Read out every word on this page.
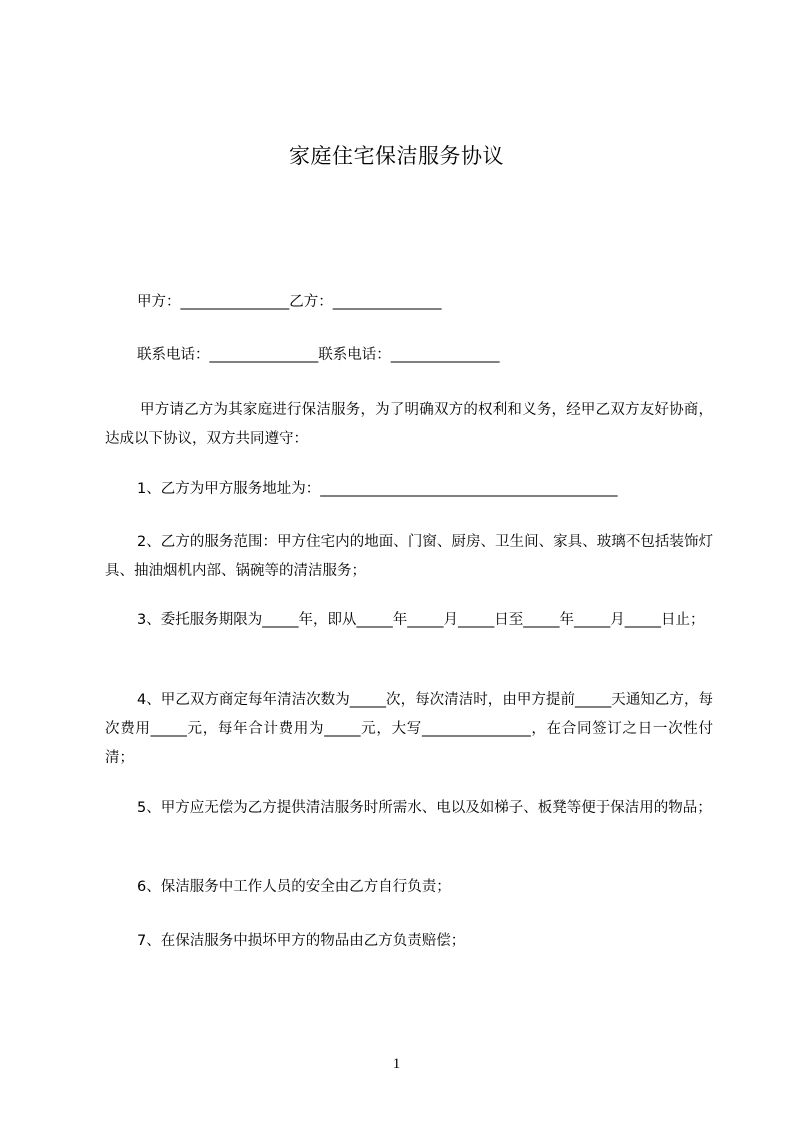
家庭住宅保洁服务协议
甲方：_______________乙方：_______________
联系电话：_______________联系电话：_______________
甲方请乙方为其家庭进行保洁服务，为了明确双方的权利和义务，经甲乙双方友好协商，达成以下协议，双方共同遵守：
1、乙方为甲方服务地址为：_________________________________________
2、乙方的服务范围：甲方住宅内的地面、门窗、厨房、卫生间、家具、玻璃不包括装饰灯具、抽油烟机内部、锅碗等的清洁服务；
3、委托服务期限为_____年，即从_____年_____月_____日至_____年_____月_____日止；
4、甲乙双方商定每年清洁次数为_____次，每次清洁时，由甲方提前_____天通知乙方，每次费用_____元，每年合计费用为_____元，大写_______________，在合同签订之日一次性付清；
5、甲方应无偿为乙方提供清洁服务时所需水、电以及如梯子、板凳等便于保洁用的物品；
6、保洁服务中工作人员的安全由乙方自行负责；
7、在保洁服务中损坏甲方的物品由乙方负责赔偿；
1
